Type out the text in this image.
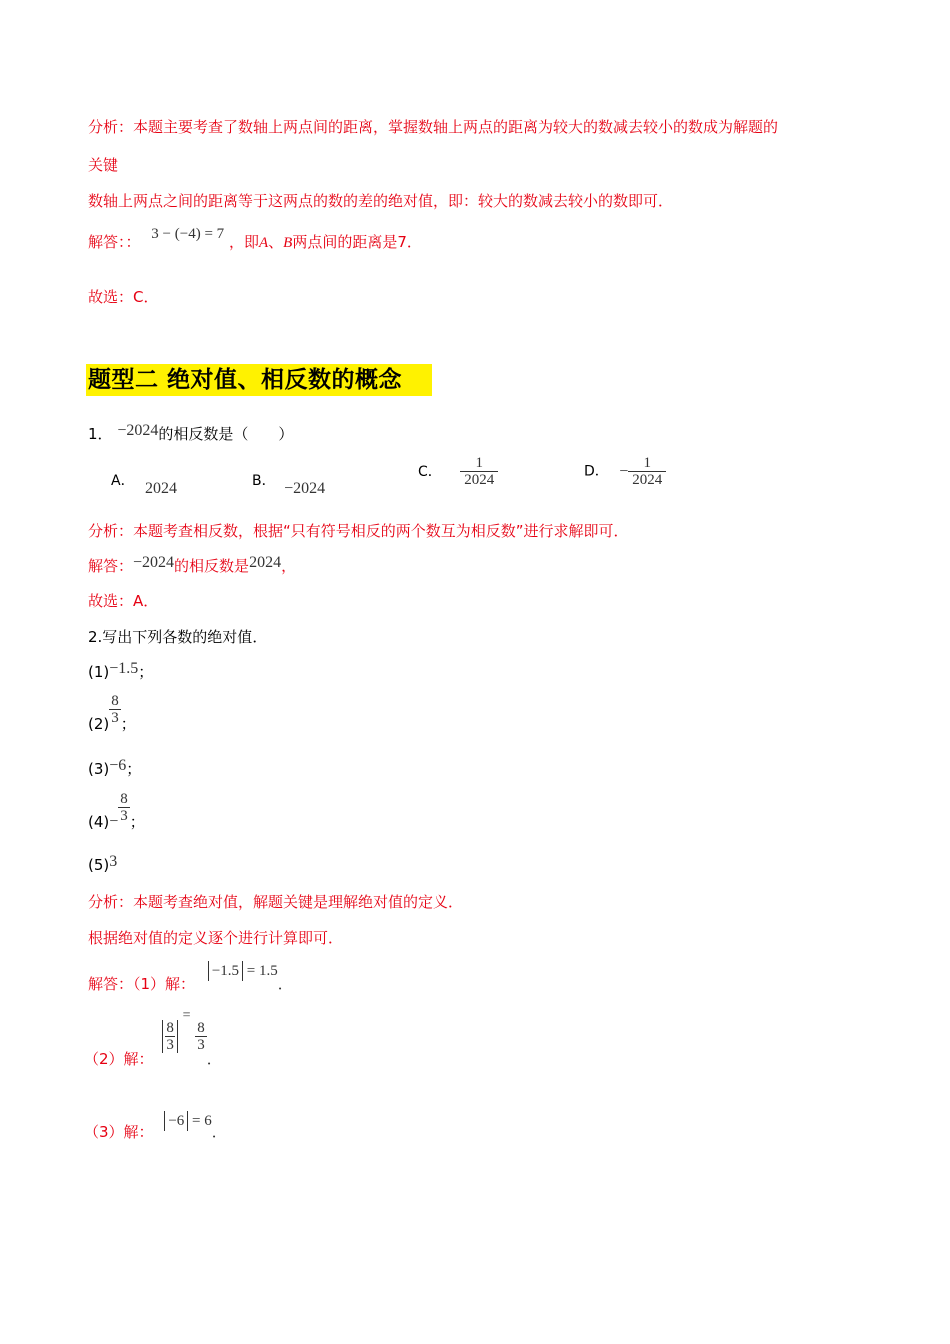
分析：本题主要考查了数轴上两点间的距离，掌握数轴上两点的距离为较大的数减去较小的数成为解题的
关键
数轴上两点之间的距离等于这两点的数的差的绝对值，即：较大的数减去较小的数即可．
解答：： 3 − (−4) = 7 ，即A、B两点间的距离是7．
故选：C．
题型二 绝对值、相反数的概念
1． −2024的相反数是（　　）
A． 2024	B． −2024
C． $\frac{1}{2024}$	D． − $\frac{1}{2024}$
分析：本题考查相反数，根据“只有符号相反的两个数互为相反数”进行求解即可．
解答：−2024的相反数是2024，
故选：A．
2.写出下列各数的绝对值．
(1)−1.5；
$(2) \frac{8}{3}$ ；
(3)−6；
$(4)- \frac{8}{3}$ ；
(5)3
分析：本题考查绝对值，解题关键是理解绝对值的定义．
根据绝对值的定义逐个进行计算即可．
解答：（1）解： −1.5 = 1.5．
（2）解：
$\frac{8}{3}$
=
$\frac{8}{3}$
．
（3）解： −6 = 6．
